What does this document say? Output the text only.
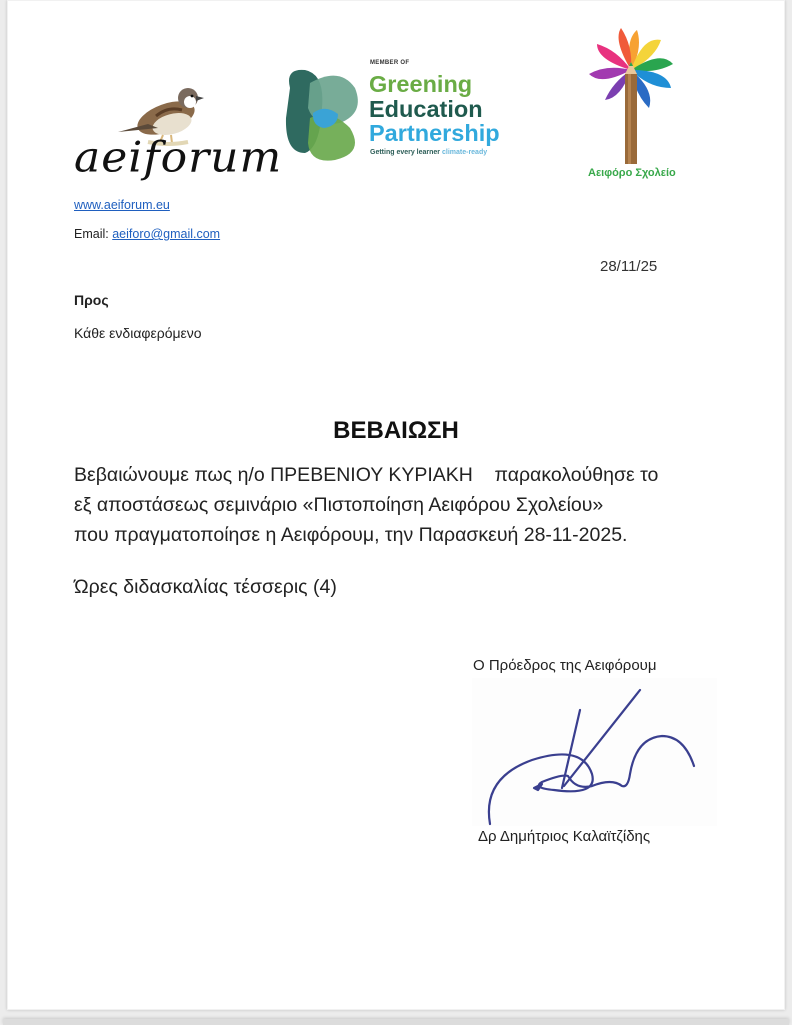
aeiforum
www.aeiforum.eu
Email: aeiforo@gmail.com
MEMBER OF
Greening
Education
Partnership
Getting every learner climate-ready
Αειφόρο Σχολείο
28/11/25
Προς
Κάθε ενδιαφερόμενο
ΒΕΒΑΙΩΣΗ

Βεβαιώνουμε πως η/ο ΠΡΕΒΕΝΙΟΥ ΚΥΡΙΑΚΗ    παρακολούθησε το

εξ αποστάσεως σεμινάριο «Πιστοποίηση Αειφόρου Σχολείου»

που πραγματοποίησε η Αειφόρουμ, την Παρασκευή 28-11-2025.

Ώρες διδασκαλίας τέσσερις (4)
Ο Πρόεδρος της Αειφόρουμ
Δρ Δημήτριος Καλαϊτζίδης
